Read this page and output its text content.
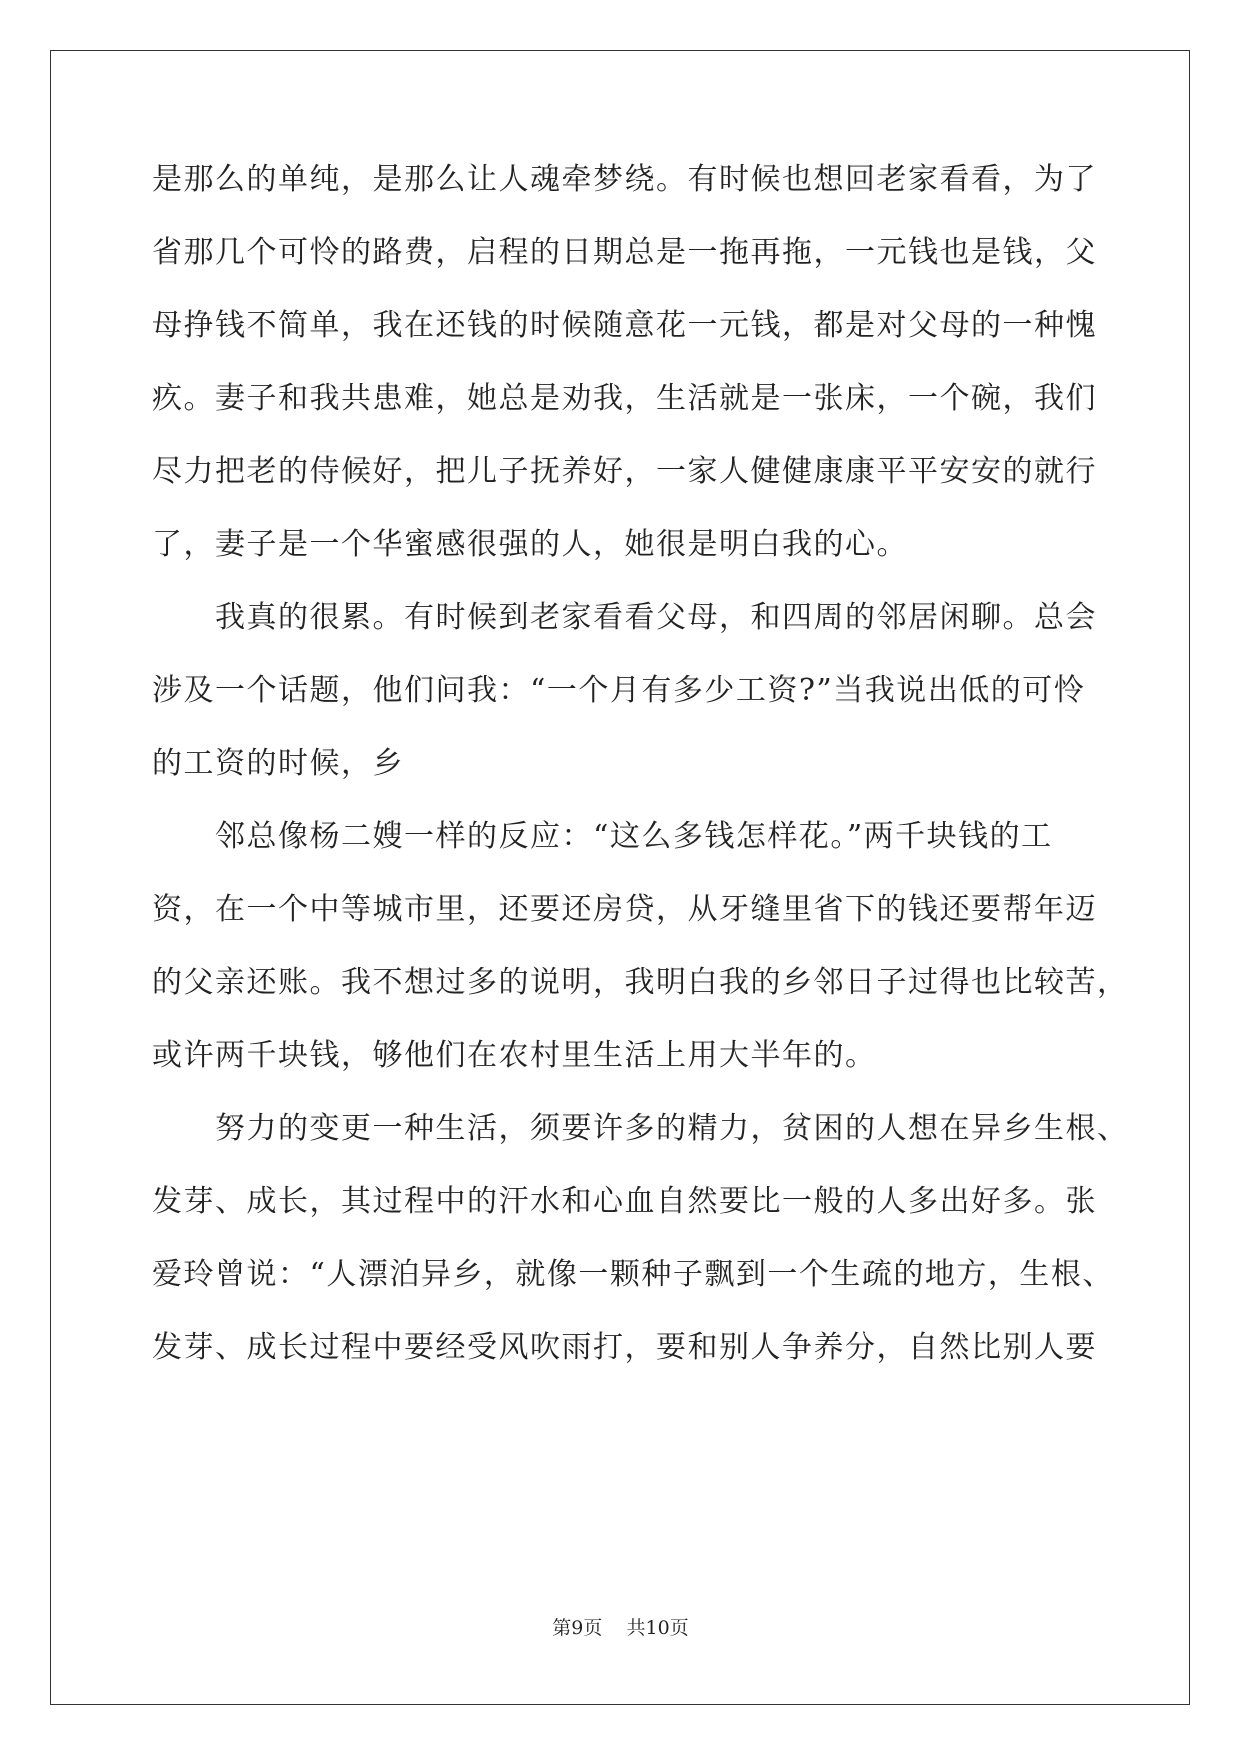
是那么的单纯，是那么让人魂牵梦绕。有时候也想回老家看看，为了
省那几个可怜的路费，启程的日期总是一拖再拖，一元钱也是钱，父
母挣钱不简单，我在还钱的时候随意花一元钱，都是对父母的一种愧
疚。妻子和我共患难，她总是劝我，生活就是一张床，一个碗，我们
尽力把老的侍候好，把儿子抚养好，一家人健健康康平平安安的就行
了，妻子是一个华蜜感很强的人，她很是明白我的心。
　　我真的很累。有时候到老家看看父母，和四周的邻居闲聊。总会
涉及一个话题，他们问我：“一个月有多少工资?”当我说出低的可怜
的工资的时候，乡
　　邻总像杨二嫂一样的反应：“这么多钱怎样花。”两千块钱的工
资，在一个中等城市里，还要还房贷，从牙缝里省下的钱还要帮年迈
的父亲还账。我不想过多的说明，我明白我的乡邻日子过得也比较苦，
或许两千块钱，够他们在农村里生活上用大半年的。
　　努力的变更一种生活，须要许多的精力，贫困的人想在异乡生根、
发芽、成长，其过程中的汗水和心血自然要比一般的人多出好多。张
爱玲曾说：“人漂泊异乡，就像一颗种子飘到一个生疏的地方，生根、
发芽、成长过程中要经受风吹雨打，要和别人争养分，自然比别人要
第9页 共10页
